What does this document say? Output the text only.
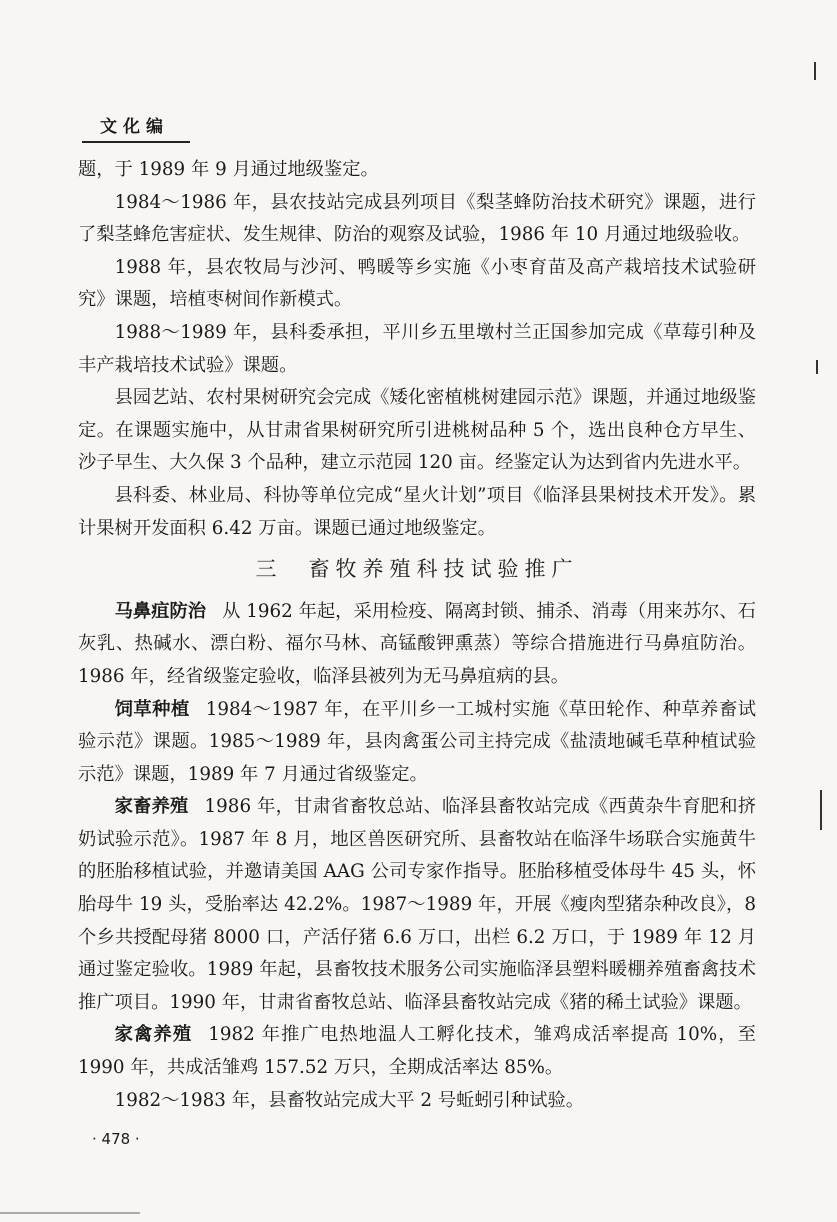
文化编

题，于 1989 年 9 月通过地级鉴定。

1984～1986 年，县农技站完成县列项目《梨茎蜂防治技术研究》课题，进行了梨茎蜂危害症状、发生规律、防治的观察及试验，1986 年 10 月通过地级验收。

1988 年，县农牧局与沙河、鸭暖等乡实施《小枣育苗及高产栽培技术试验研究》课题，培植枣树间作新模式。

1988～1989 年，县科委承担，平川乡五里墩村兰正国参加完成《草莓引种及丰产栽培技术试验》课题。

县园艺站、农村果树研究会完成《矮化密植桃树建园示范》课题，并通过地级鉴定。在课题实施中，从甘肃省果树研究所引进桃树品种 5 个，选出良种仓方早生、沙子早生、大久保 3 个品种，建立示范园 120 亩。经鉴定认为达到省内先进水平。

县科委、林业局、科协等单位完成“星火计划”项目《临泽县果树技术开发》。累计果树开发面积 6.42 万亩。课题已通过地级鉴定。

三 畜牧养殖科技试验推广

马鼻疽防治 从 1962 年起，采用检疫、隔离封锁、捕杀、消毒（用来苏尔、石灰乳、热碱水、漂白粉、福尔马林、高锰酸钾熏蒸）等综合措施进行马鼻疽防治。1986 年，经省级鉴定验收，临泽县被列为无马鼻疽病的县。

饲草种植 1984～1987 年，在平川乡一工城村实施《草田轮作、种草养畜试验示范》课题。1985～1989 年，县肉禽蛋公司主持完成《盐渍地碱毛草种植试验示范》课题，1989 年 7 月通过省级鉴定。

家畜养殖 1986 年，甘肃省畜牧总站、临泽县畜牧站完成《西黄杂牛育肥和挤奶试验示范》。1987 年 8 月，地区兽医研究所、县畜牧站在临泽牛场联合实施黄牛的胚胎移植试验，并邀请美国 AAG 公司专家作指导。胚胎移植受体母牛 45 头，怀胎母牛 19 头，受胎率达 42.2%。1987～1989 年，开展《瘦肉型猪杂种改良》，8 个乡共授配母猪 8000 口，产活仔猪 6.6 万口，出栏 6.2 万口，于 1989 年 12 月通过鉴定验收。1989 年起，县畜牧技术服务公司实施临泽县塑料暖棚养殖畜禽技术推广项目。1990 年，甘肃省畜牧总站、临泽县畜牧站完成《猪的稀土试验》课题。

家禽养殖 1982 年推广电热地温人工孵化技术，雏鸡成活率提高 10%，至 1990 年，共成活雏鸡 157.52 万只，全期成活率达 85%。

1982～1983 年，县畜牧站完成大平 2 号蚯蚓引种试验。

· 478 ·
